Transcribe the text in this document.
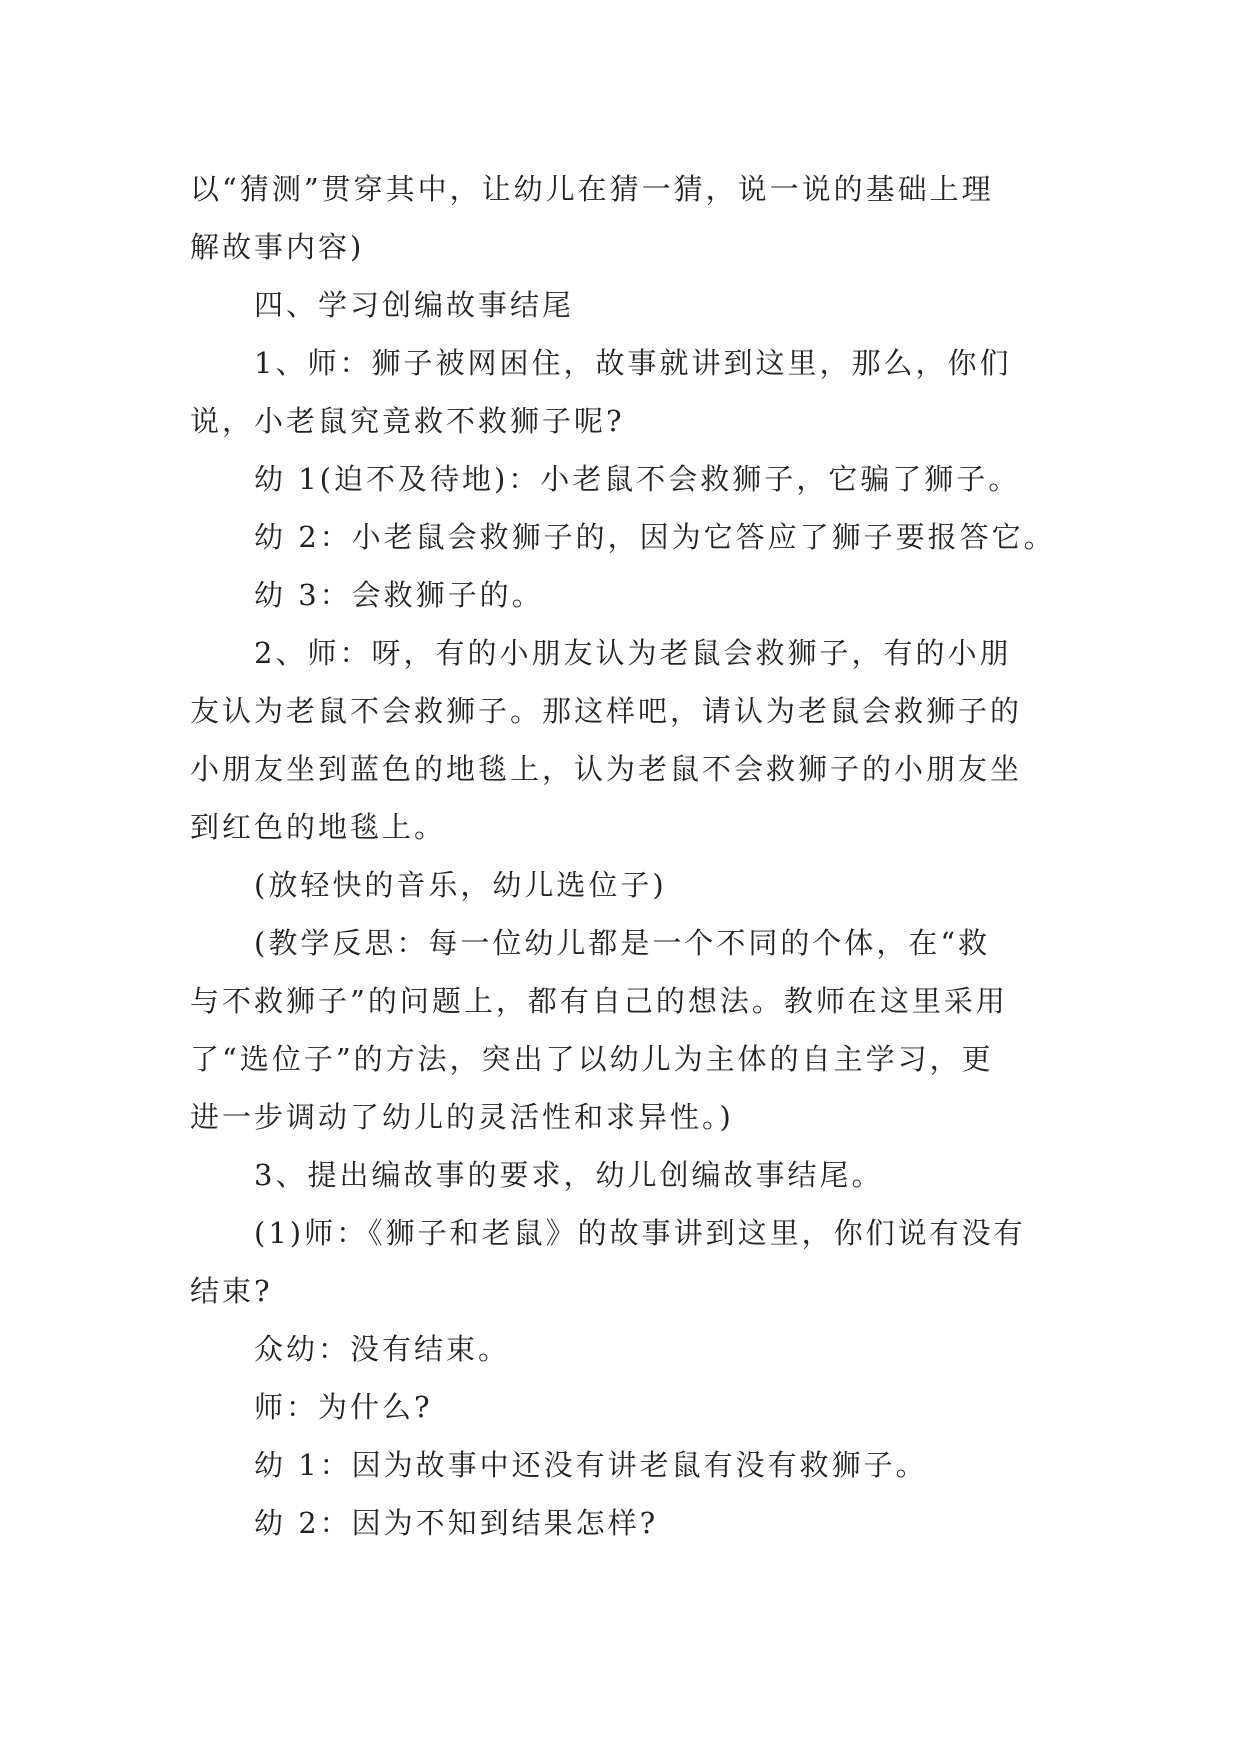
以“猜测”贯穿其中，让幼儿在猜一猜，说一说的基础上理

解故事内容)

四、学习创编故事结尾

1、师：狮子被网困住，故事就讲到这里，那么，你们

说，小老鼠究竟救不救狮子呢?

幼 1(迫不及待地)：小老鼠不会救狮子，它骗了狮子。

幼 2：小老鼠会救狮子的，因为它答应了狮子要报答它。

幼 3：会救狮子的。

2、师：呀，有的小朋友认为老鼠会救狮子，有的小朋

友认为老鼠不会救狮子。那这样吧，请认为老鼠会救狮子的

小朋友坐到蓝色的地毯上，认为老鼠不会救狮子的小朋友坐

到红色的地毯上。

(放轻快的音乐，幼儿选位子)

(教学反思：每一位幼儿都是一个不同的个体，在“救

与不救狮子”的问题上，都有自己的想法。教师在这里采用

了“选位子”的方法，突出了以幼儿为主体的自主学习，更

进一步调动了幼儿的灵活性和求异性。)

3、提出编故事的要求，幼儿创编故事结尾。

(1)师：《狮子和老鼠》的故事讲到这里，你们说有没有

结束?

众幼：没有结束。

师：为什么?

幼 1：因为故事中还没有讲老鼠有没有救狮子。

幼 2：因为不知到结果怎样?
